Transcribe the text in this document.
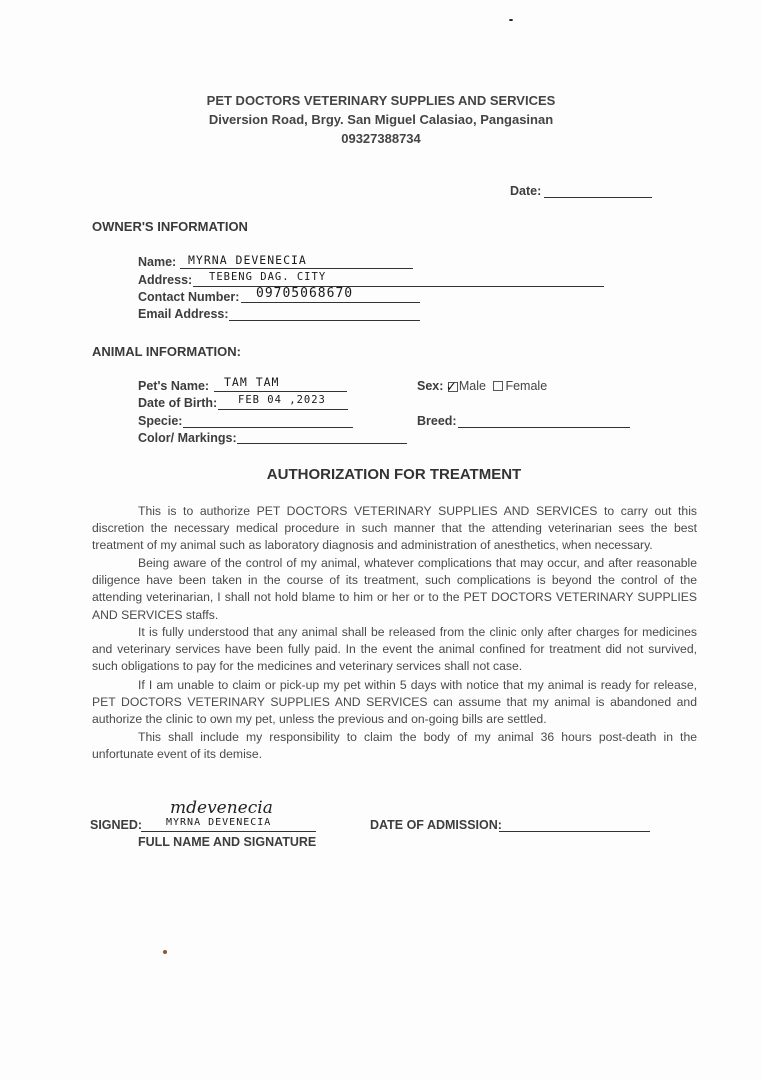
PET DOCTORS VETERINARY SUPPLIES AND SERVICES
Diversion Road, Brgy. San Miguel Calasiao, Pangasinan
09327388734
Date:
OWNER'S INFORMATION
Name: MYRNA DEVENECIA
Address: TEBENG DAG. CITY
Contact Number: 09705068670
Email Address:
ANIMAL INFORMATION:
Pet's Name: TAM TAM
Date of Birth: FEB 04 ,2023
Specie:
Color/ Markings:
Sex: ✓ Male Female
Breed:
AUTHORIZATION FOR TREATMENT

This is to authorize PET DOCTORS VETERINARY SUPPLIES AND SERVICES to carry out this discretion the necessary medical procedure in such manner that the attending veterinarian sees the best treatment of my animal such as laboratory diagnosis and administration of anesthetics, when necessary.

Being aware of the control of my animal, whatever complications that may occur, and after reasonable diligence have been taken in the course of its treatment, such complications is beyond the control of the attending veterinarian, I shall not hold blame to him or her or to the PET DOCTORS VETERINARY SUPPLIES AND SERVICES staffs.

It is fully understood that any animal shall be released from the clinic only after charges for medicines and veterinary services have been fully paid. In the event the animal confined for treatment did not survived, such obligations to pay for the medicines and veterinary services shall not case.

If I am unable to claim or pick-up my pet within 5 days with notice that my animal is ready for release, PET DOCTORS VETERINARY SUPPLIES AND SERVICES can assume that my animal is abandoned and authorize the clinic to own my pet, unless the previous and on-going bills are settled.

This shall include my responsibility to claim the body of my animal 36 hours post-death in the unfortunate event of its demise.

SIGNED:
mdevenecia
MYRNA DEVENECIA
FULL NAME AND SIGNATURE
DATE OF ADMISSION:
